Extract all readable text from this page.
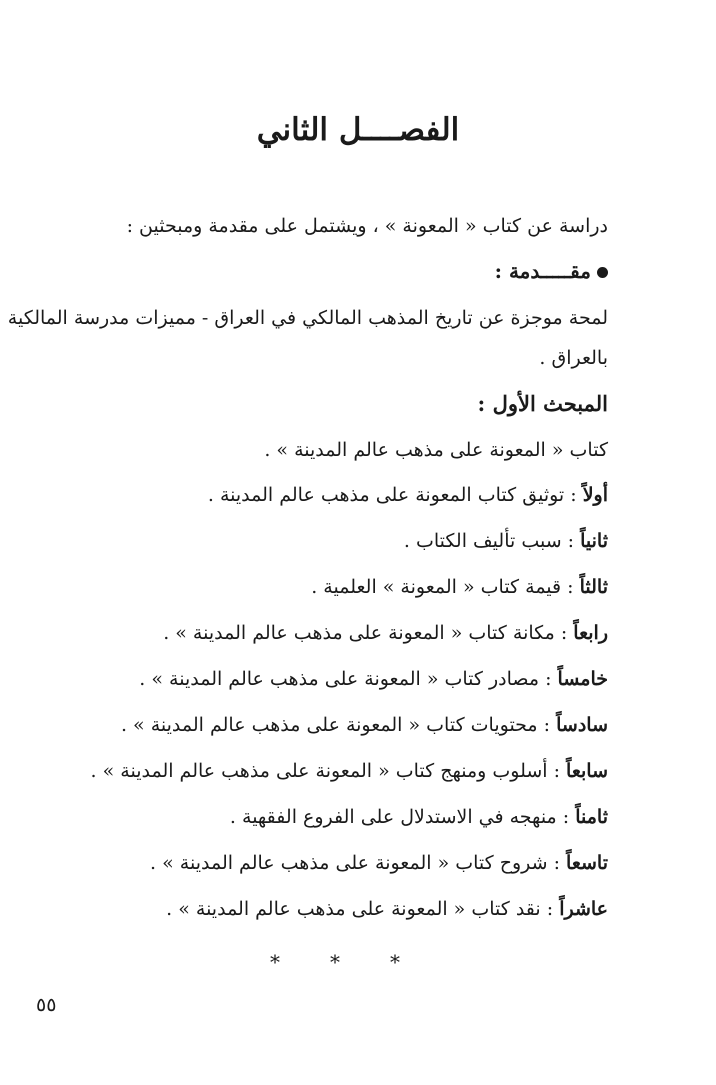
الفصــــل الثاني
دراسة عن كتاب « المعونة » ، ويشتمل على مقدمة ومبحثين :
مقـــــدمة :
لمحة موجزة عن تاريخ المذهب المالكي في العراق - مميزات مدرسة المالكية
بالعراق .
المبحث الأول :
كتاب « المعونة على مذهب عالم المدينة » .
أولاً : توثيق كتاب المعونة على مذهب عالم المدينة .
ثانياً : سبب تأليف الكتاب .
ثالثاً : قيمة كتاب « المعونة » العلمية .
رابعاً : مكانة كتاب « المعونة على مذهب عالم المدينة » .
خامساً : مصادر كتاب « المعونة على مذهب عالم المدينة » .
سادساً : محتويات كتاب « المعونة على مذهب عالم المدينة » .
سابعاً : أسلوب ومنهج كتاب « المعونة على مذهب عالم المدينة » .
ثامناً : منهجه في الاستدلال على الفروع الفقهية .
تاسعاً : شروح كتاب « المعونة على مذهب عالم المدينة » .
عاشراً : نقد كتاب « المعونة على مذهب عالم المدينة » .
*	*	*
٥٥
